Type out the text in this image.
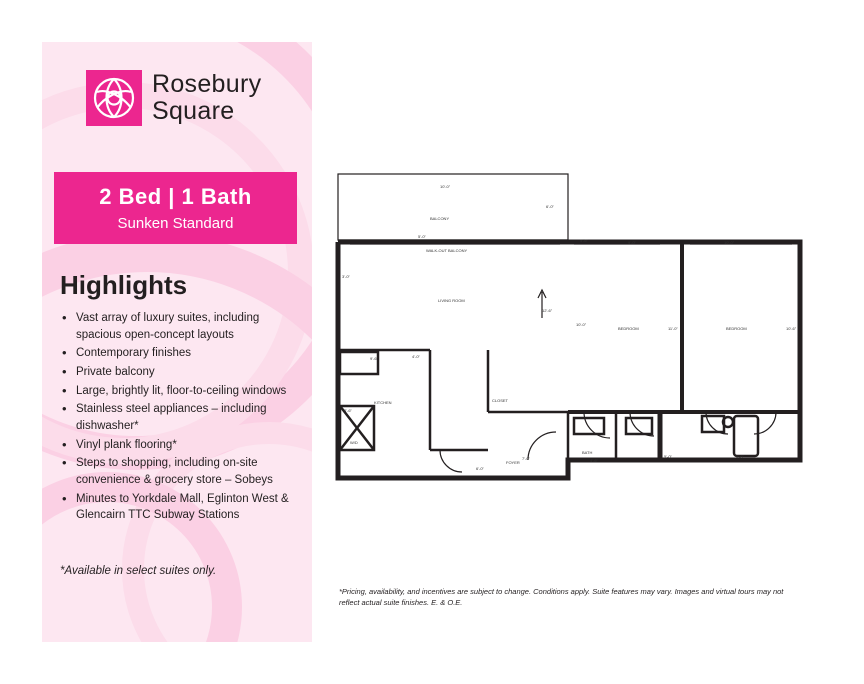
Rosebury
Square
2 Bed | 1 Bath
Sunken Standard
Highlights
• Vast array of luxury suites, including spacious open-concept layouts
• Contemporary finishes
• Private balcony
• Large, brightly lit, floor-to-ceiling windows
• Stainless steel appliances – including dishwasher*
• Vinyl plank flooring*
• Steps to shopping, including on-site convenience & grocery store – Sobeys
• Minutes to Yorkdale Mall, Eglinton West & Glencairn TTC Subway Stations
*Available in select suites only.
BALCONY
LIVING ROOM
BEDROOM	BEDROOM
KITCHEN	CLOSET
BATH
FOYER
W/D
10'-0"
6'-0"
WALK-OUT BALCONY
5'-0"
3'-0"
12'-6"
9'-6"	4'-0"
10'-0"
11'-0"	10'-6"
5'-6"	9'-0"	10'-0"
3'-6"
6'-0"
7'-0"	4'-6"
5'-0"	6'-6"
*Pricing, availability, and incentives are subject to change. Conditions apply. Suite features may vary. Images and virtual tours may not reflect actual suite finishes. E. & O.E.
